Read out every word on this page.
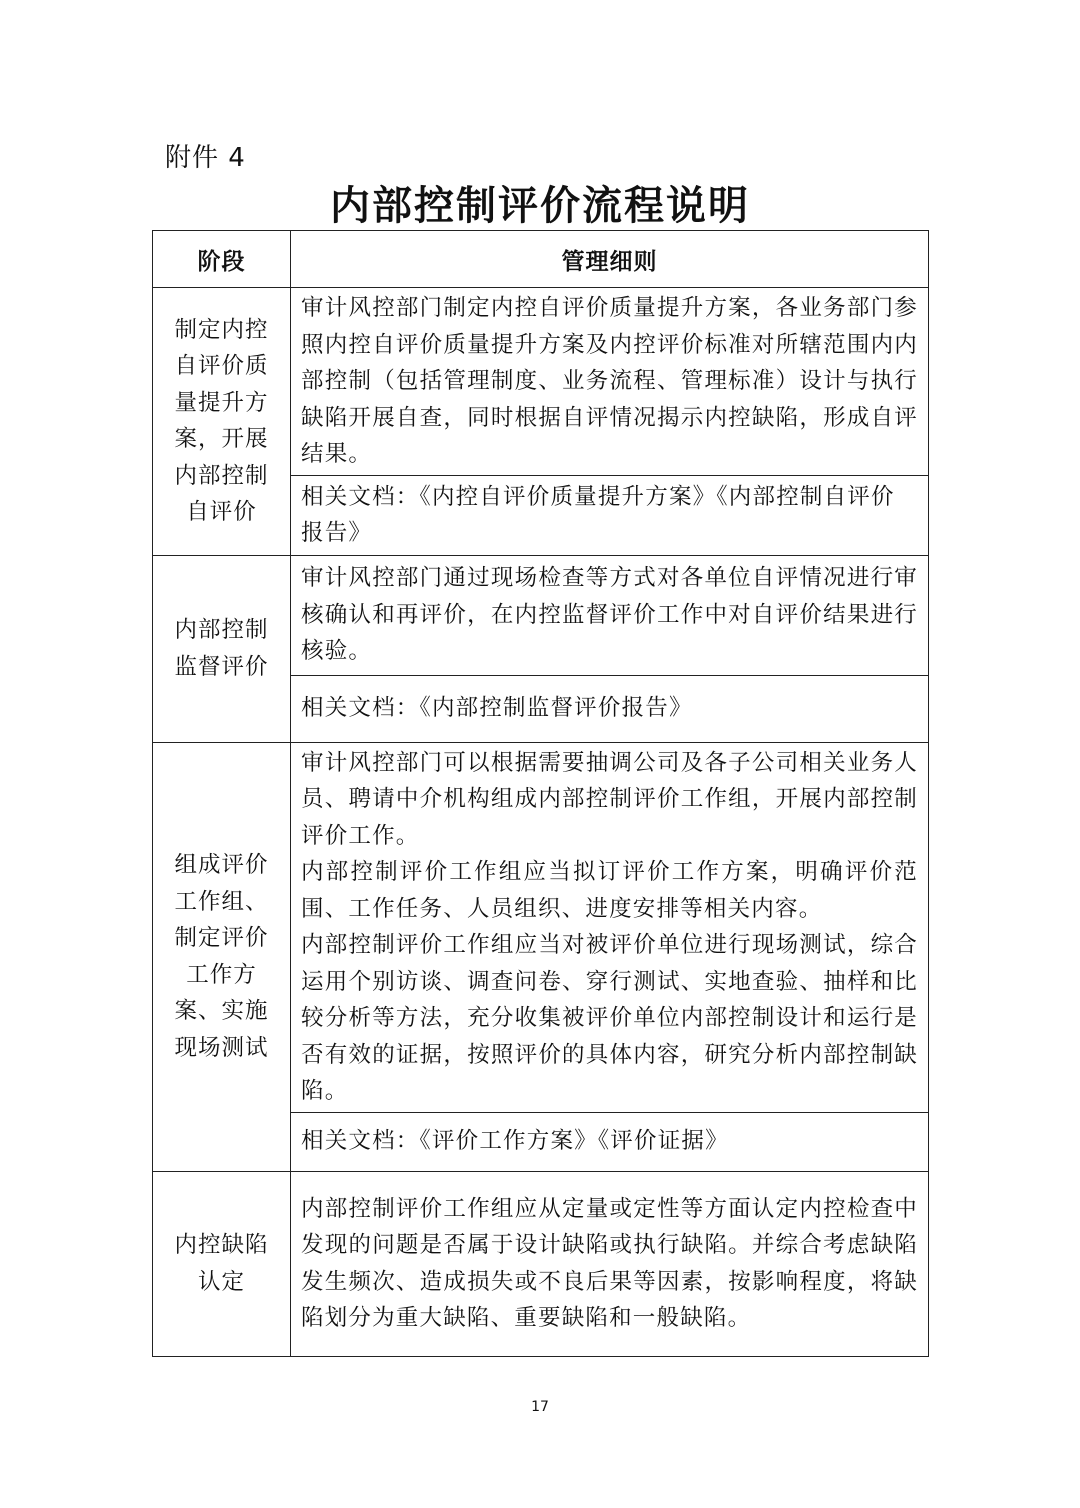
附件 4
内部控制评价流程说明
阶段	管理细则
制定内控自评价质量提升方案，开展内部控制自评价	审计风控部门制定内控自评价质量提升方案，各业务部门参照内控自评价质量提升方案及内控评价标准对所辖范围内内部控制（包括管理制度、业务流程、管理标准）设计与执行缺陷开展自查，同时根据自评情况揭示内控缺陷，形成自评结果。

	相关文档：《内控自评价质量提升方案》《内部控制自评价报告》
内部控制监督评价	审计风控部门通过现场检查等方式对各单位自评情况进行审核确认和再评价，在内控监督评价工作中对自评价结果进行核验。

	相关文档：《内部控制监督评价报告》
组成评价工作组、制定评价工作方案、实施现场测试	审计风控部门可以根据需要抽调公司及各子公司相关业务人员、聘请中介机构组成内部控制评价工作组，开展内部控制评价工作。

内部控制评价工作组应当拟订评价工作方案，明确评价范围、工作任务、人员组织、进度安排等相关内容。

内部控制评价工作组应当对被评价单位进行现场测试，综合运用个别访谈、调查问卷、穿行测试、实地查验、抽样和比较分析等方法，充分收集被评价单位内部控制设计和运行是否有效的证据，按照评价的具体内容，研究分析内部控制缺陷。

	相关文档：《评价工作方案》《评价证据》
内控缺陷认定	内部控制评价工作组应从定量或定性等方面认定内控检查中发现的问题是否属于设计缺陷或执行缺陷。并综合考虑缺陷发生频次、造成损失或不良后果等因素，按影响程度，将缺陷划分为重大缺陷、重要缺陷和一般缺陷。

17
